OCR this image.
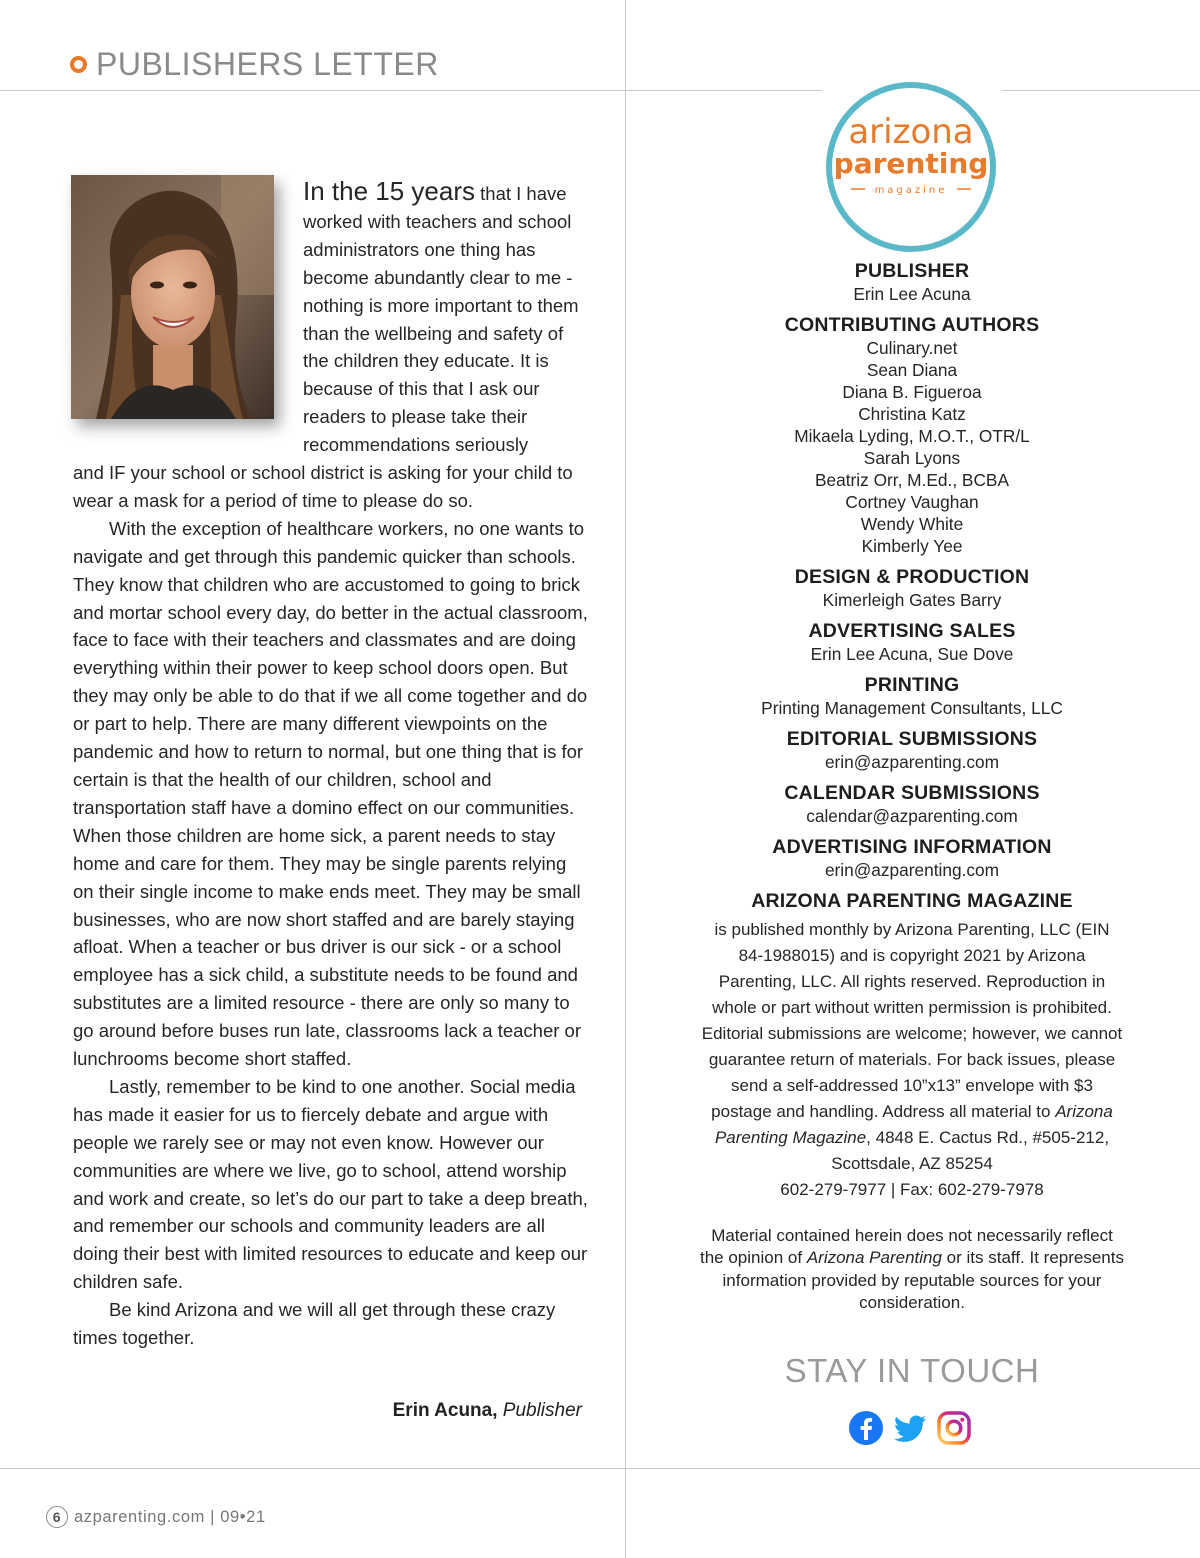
PUBLISHERS LETTER
In the 15 years that I have worked with teachers and school administrators one thing has become abundantly clear to me - nothing is more important to them than the wellbeing and safety of the children they educate. It is because of this that I ask our readers to please take their recommendations seriously
and IF your school or school district is asking for your child to wear a mask for a period of time to please do so.
With the exception of healthcare workers, no one wants to navigate and get through this pandemic quicker than schools. They know that children who are accustomed to going to brick and mortar school every day, do better in the actual classroom, face to face with their teachers and classmates and are doing everything within their power to keep school doors open. But they may only be able to do that if we all come together and do or part to help. There are many different viewpoints on the pandemic and how to return to normal, but one thing that is for certain is that the health of our children, school and transportation staff have a domino effect on our communities. When those children are home sick, a parent needs to stay home and care for them. They may be single parents relying on their single income to make ends meet. They may be small businesses, who are now short staffed and are barely staying afloat. When a teacher or bus driver is our sick - or a school employee has a sick child, a substitute needs to be found and substitutes are a limited resource - there are only so many to go around before buses run late, classrooms lack a teacher or lunchrooms become short staffed.
Lastly, remember to be kind to one another. Social media has made it easier for us to fiercely debate and argue with people we rarely see or may not even know. However our communities are where we live, go to school, attend worship and work and create, so let’s do our part to take a deep breath, and remember our schools and community leaders are all doing their best with limited resources to educate and keep our children safe.
Be kind Arizona and we will all get through these crazy times together.
Erin Acuna, Publisher
arizona
parenting
magazine
PUBLISHER
Erin Lee Acuna
CONTRIBUTING AUTHORS
Culinary.net
Sean Diana
Diana B. Figueroa
Christina Katz
Mikaela Lyding, M.O.T., OTR/L
Sarah Lyons
Beatriz Orr, M.Ed., BCBA
Cortney Vaughan
Wendy White
Kimberly Yee
DESIGN & PRODUCTION
Kimerleigh Gates Barry
ADVERTISING SALES
Erin Lee Acuna, Sue Dove
PRINTING
Printing Management Consultants, LLC
EDITORIAL SUBMISSIONS
erin@azparenting.com
CALENDAR SUBMISSIONS
calendar@azparenting.com
ADVERTISING INFORMATION
erin@azparenting.com
ARIZONA PARENTING MAGAZINE
is published monthly by Arizona Parenting, LLC (EIN 84-1988015) and is copyright 2021 by Arizona Parenting, LLC. All rights reserved. Reproduction in whole or part without written permission is prohibited. Editorial submissions are welcome; however, we cannot guarantee return of materials. For back issues, please send a self-addressed 10”x13” envelope with $3 postage and handling. Address all material to Arizona Parenting Magazine, 4848 E. Cactus Rd., #505-212, Scottsdale, AZ 85254
602-279-7977 | Fax: 602-279-7978
Material contained herein does not necessarily reflect the opinion of Arizona Parenting or its staff. It represents information provided by reputable sources for your consideration.
STAY IN TOUCH
6 azparenting.com | 09•21
